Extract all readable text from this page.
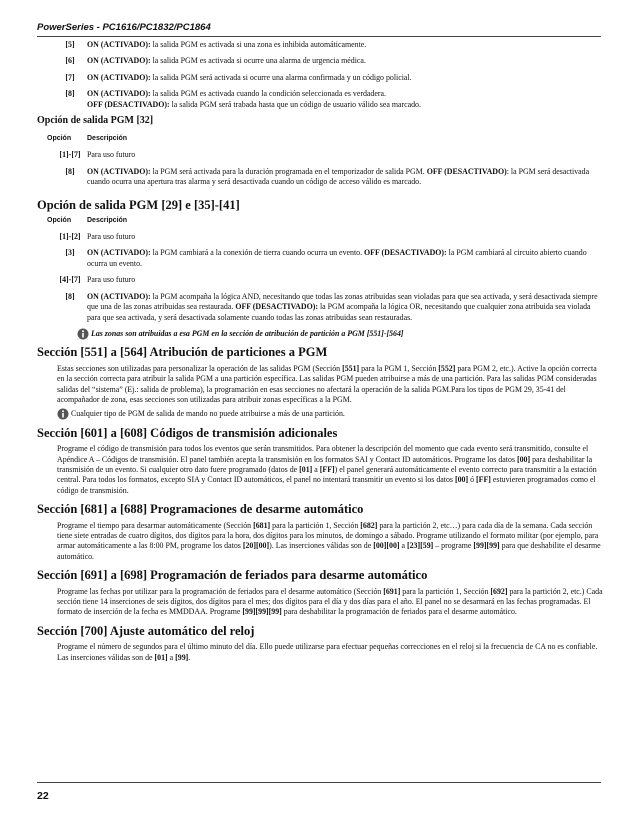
PowerSeries - PC1616/PC1832/PC1864
[5]	ON (ACTIVADO): la salida PGM es activada si una zona es inhibida automáticamente.
[6]	ON (ACTIVADO): la salida PGM es activada si ocurre una alarma de urgencia médica.
[7]	ON (ACTIVADO): la salida PGM será activada si ocurre una alarma confirmada y un código policial.
[8]	ON (ACTIVADO): la salida PGM es activada cuando la condición seleccionada es verdadera.
OFF (DESACTIVADO): la salida PGM será trabada hasta que un código de usuario válido sea marcado.
Opción de salida PGM [32]
Opción Descripción
[1]-[7] Para uso futuro
[8]	ON (ACTIVADO): la PGM será activada para la duración programada en el temporizador de salida PGM. OFF (DESACTIVADO): la PGM será desactivada cuando ocurra una apertura tras alarma y será desactivada cuando un código de acceso válido es marcado.
Opción de salida PGM [29] e [35]-[41]
Opción Descripción
[1]-[2] Para uso futuro
[3]	ON (ACTIVADO): la PGM cambiará a la conexión de tierra cuando ocurra un evento. OFF (DESACTIVADO): la PGM cambiará al circuito abierto cuando ocurra un evento.
[4]-[7] Para uso futuro
[8]	ON (ACTIVADO): la PGM acompaña la lógica AND, necesitando que todas las zonas atribuidas sean violadas para que sea activada, y será desactivada siempre que una de las zonas atribuidas sea restaurada. OFF (DESACTIVADO): la PGM acompaña la lógica OR, necesitando que cualquier zona atribuida sea violada para que sea activada, y será desactivada solamente cuando todas las zonas atribuidas sean restauradas.
Las zonas son atribuidas a esa PGM en la sección de atribución de partición a PGM [551]-[564]
Sección [551] a [564] Atribución de particiones a PGM
Estas secciones son utilizadas para personalizar la operación de las salidas PGM (Sección [551] para la PGM 1, Sección [552] para PGM 2, etc.). Active la opción correcta en la sección correcta para atribuir la salida PGM a una partición específica. Las salidas PGM pueden atribuirse a más de una partición. Para las salidas PGM consideradas salidas del “sistema” (Ej.: salida de problema), la programación en esas secciones no afectará la operación de la salida PGM.Para los tipos de PGM 29, 35-41 del acompañador de zona, esas secciones son utilizadas para atribuir zonas específicas a la PGM.
Cualquier tipo de PGM de salida de mando no puede atribuirse a más de una partición.
Sección [601] a [608] Códigos de transmisión adicionales
Programe el código de transmisión para todos los eventos que serán transmitidos. Para obtener la descripción del momento que cada evento será transmitido, consulte el Apéndice A – Códigos de transmisión. El panel también acepta la transmisión en los formatos SAI y Contact ID automáticos. Programe los datos [00] para deshabilitar la transmisión de un evento. Si cualquier otro dato fuere programado (datos de [01] a [FF]) el panel generará automáticamente el evento correcto para transmitir a la estación central. Para todos los formatos, excepto SIA y Contact ID automáticos, el panel no intentará transmitir un evento si los datos [00] ó [FF] estuvieren programados como el código de transmisión.
Sección [681] a [688] Programaciones de desarme automático
Programe el tiempo para desarmar automáticamente (Sección [681] para la partición 1, Sección [682] para la partición 2, etc…) para cada día de la semana. Cada sección tiene siete entradas de cuatro dígitos, dos dígitos para la hora, dos dígitos para los minutos, de domingo a sábado. Programe utilizando el formato militar (por ejemplo, para armar automáticamente a las 8:00 PM, programe los datos [20][00]). Las inserciones válidas son de [00][00] a [23][59] – programe [99][99] para que deshabilite el desarme automático.
Sección [691] a [698] Programación de feriados para desarme automático
Programe las fechas por utilizar para la programación de feriados para el desarme automático (Sección [691] para la partición 1, Sección [692] para la partición 2, etc.) Cada sección tiene 14 inserciones de seis dígitos, dos dígitos para el mes; dos dígitos para el día y dos días para el año. El panel no se desarmará en las fechas programadas. El formato de inserción de la fecha es MMDDAA. Programe [99][99][99] para deshabilitar la programación de feriados para el desarme automático.
Sección [700] Ajuste automático del reloj
Programe el número de segundos para el último minuto del día. Ello puede utilizarse para efectuar pequeñas correcciones en el reloj si la frecuencia de CA no es confiable. Las inserciones válidas son de [01] a [99].
22
